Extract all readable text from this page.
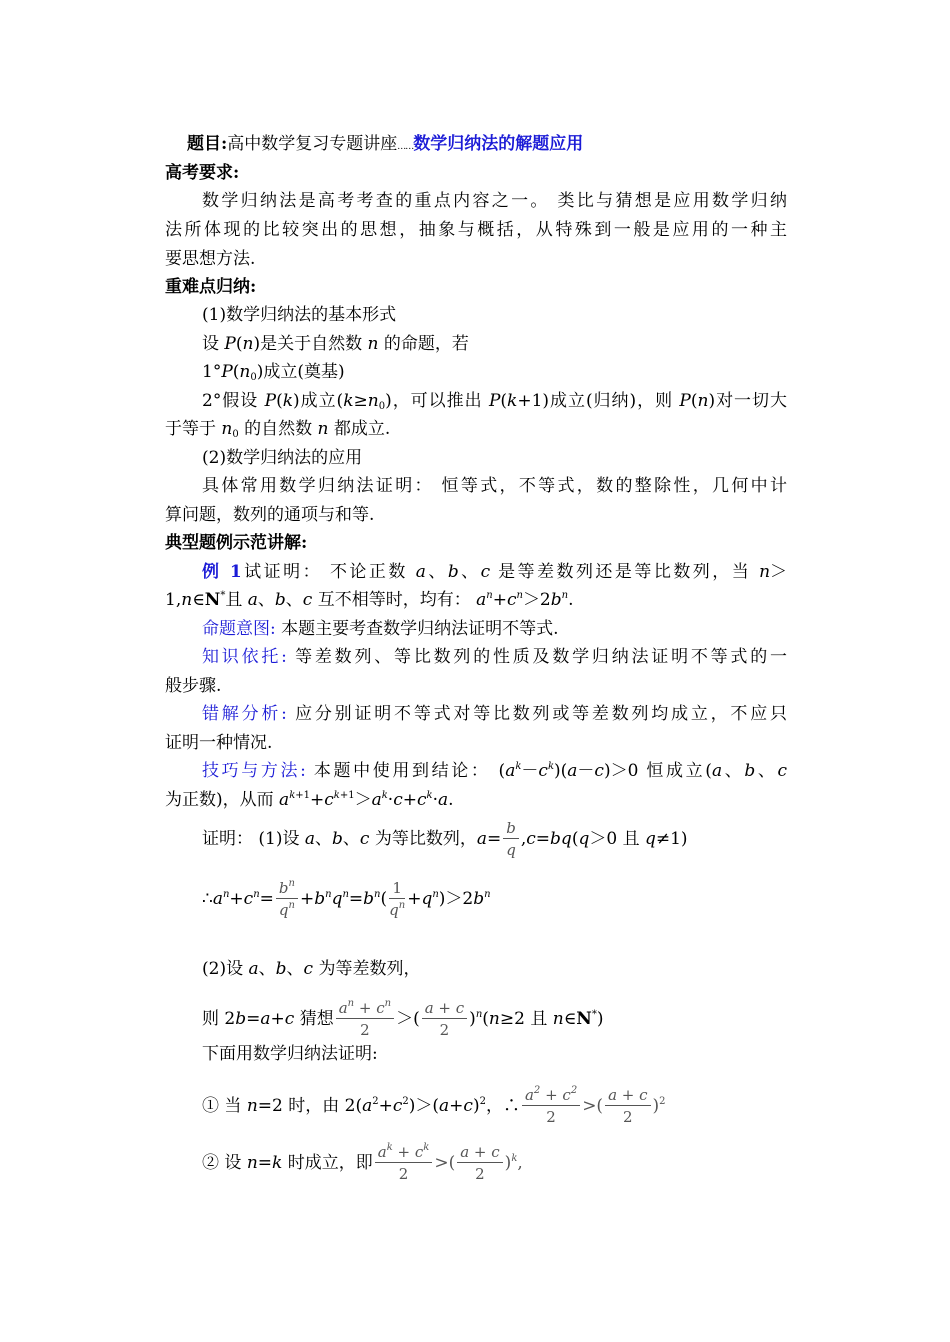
题目:高中数学复习专题讲座……数学归纳法的解题应用
高考要求:
数学归纳法是高考考查的重点内容之一。 类比与猜想是应用数学归纳
法所体现的比较突出的思想，抽象与概括，从特殊到一般是应用的一种主
要思想方法.
重难点归纳:
(1)数学归纳法的基本形式
设 P(n)是关于自然数 n 的命题，若
$1^\circ P(n_0)$成立(奠基)
2°假设 P(k)成立$(k\ge n_0)$，可以推出 P(k+1)成立(归纳)，则 P(n)对一切大
于等于 $n_0$ 的自然数 n 都成立.
(2)数学归纳法的应用
具体常用数学归纳法证明： 恒等式，不等式，数的整除性，几何中计
算问题，数列的通项与和等.
典型题例示范讲解:
例 1试证明： 不论正数 a、b、c 是等差数列还是等比数列，当 n＞
1,n∈N*且 a、b、c 互不相等时，均有： $a^n+c^n>2b^n$.
命题意图: 本题主要考查数学归纳法证明不等式.
知识依托: 等差数列、等比数列的性质及数学归纳法证明不等式的一
般步骤.
错解分析: 应分别证明不等式对等比数列或等差数列均成立，不应只
证明一种情况.
技巧与方法: 本题中使用到结论： $(a^k-c^k)(a-c)>0$ 恒成立(a、b、c
为正数)，从而 $a^{k+1}+c^{k+1}>a^k\cdot c+c^k\cdot a$.
证明： (1)设 a、b、c 为等比数列，$a= \frac{b}{q} ,c=bq(q>0$ 且 q≠1)
$\therefore a^n+c^n= \frac{b^n}{q^n} +b^nq^n=b^n( \frac{1}{q^n} +q^n)>2b^n$
(2)设 a、b、c 为等差数列，
则 2b=a+c 猜想 $\frac{a^n + c^n}{2}$ ＞( $\frac{a + c}{2} )^n(n\ge 2$ 且 n∈N*)
下面用数学归纳法证明:
① 当 n=2 时，由 $2(a^2+c^2)>(a+c)^2$，∴ $\frac{a^2 + c^2}{2}$ >( $\frac{a + c}{2} )^2$
② 设 n=k 时成立，即 $\frac{a^k + c^k}{2}$ >( $\frac{a + c}{2} )^k$,
